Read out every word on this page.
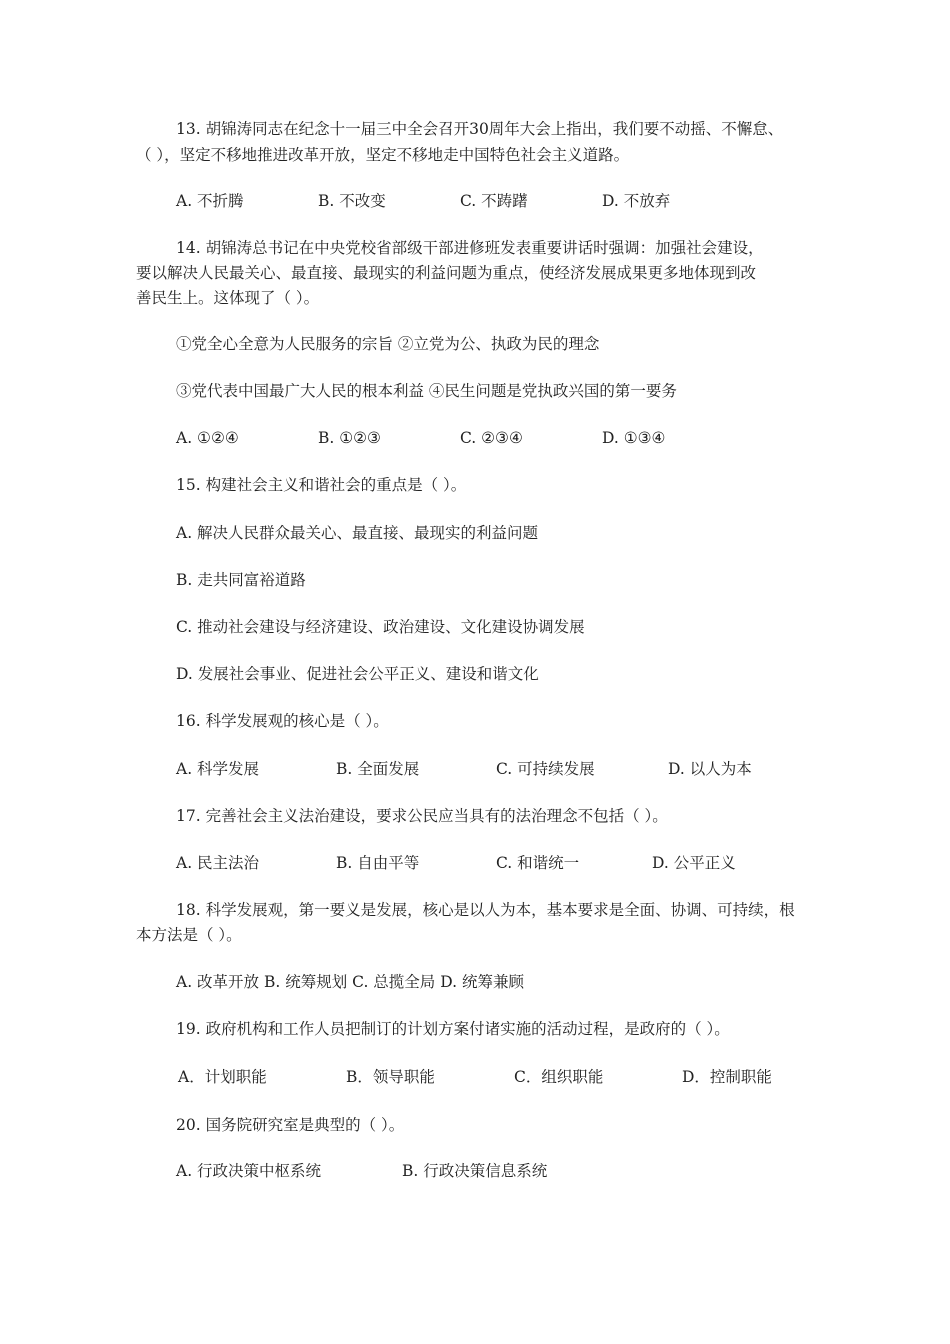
13. 胡锦涛同志在纪念十一届三中全会召开30周年大会上指出，我们要不动摇、不懈怠、
（ ），坚定不移地推进改革开放，坚定不移地走中国特色社会主义道路。
A. 不折腾	B. 不改变	C. 不踌躇	D. 不放弃
14. 胡锦涛总书记在中央党校省部级干部进修班发表重要讲话时强调：加强社会建设，
要以解决人民最关心、最直接、最现实的利益问题为重点，使经济发展成果更多地体现到改
善民生上。这体现了（ ）。
①党全心全意为人民服务的宗旨 ②立党为公、执政为民的理念
③党代表中国最广大人民的根本利益 ④民生问题是党执政兴国的第一要务
A. ①②④	B. ①②③	C. ②③④	D. ①③④
15. 构建社会主义和谐社会的重点是（ ）。
A. 解决人民群众最关心、最直接、最现实的利益问题
B. 走共同富裕道路
C. 推动社会建设与经济建设、政治建设、文化建设协调发展
D. 发展社会事业、促进社会公平正义、建设和谐文化
16. 科学发展观的核心是（ ）。
A. 科学发展	B. 全面发展	C. 可持续发展	D. 以人为本
17. 完善社会主义法治建设，要求公民应当具有的法治理念不包括（ ）。
A. 民主法治	B. 自由平等	C. 和谐统一	D. 公平正义
18. 科学发展观，第一要义是发展，核心是以人为本，基本要求是全面、协调、可持续，根
本方法是（ ）。
A. 改革开放 B. 统筹规划 C. 总揽全局 D. 统筹兼顾
19. 政府机构和工作人员把制订的计划方案付诸实施的活动过程，是政府的（ ）。
A．计划职能	B．领导职能	C．组织职能	D．控制职能
20. 国务院研究室是典型的（ ）。
A. 行政决策中枢系统	B. 行政决策信息系统
